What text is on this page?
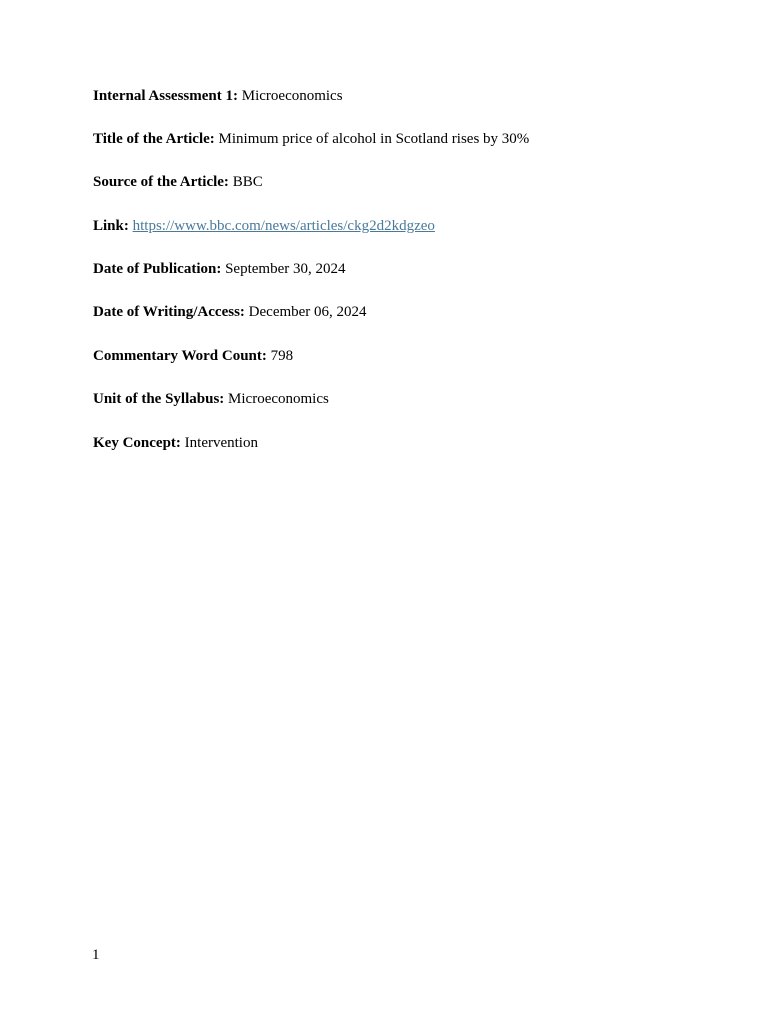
Internal Assessment 1: Microeconomics
Title of the Article: Minimum price of alcohol in Scotland rises by 30%
Source of the Article: BBC
Link: https://www.bbc.com/news/articles/ckg2d2kdgzeo
Date of Publication: September 30, 2024
Date of Writing/Access: December 06, 2024
Commentary Word Count: 798
Unit of the Syllabus: Microeconomics
Key Concept: Intervention
1
